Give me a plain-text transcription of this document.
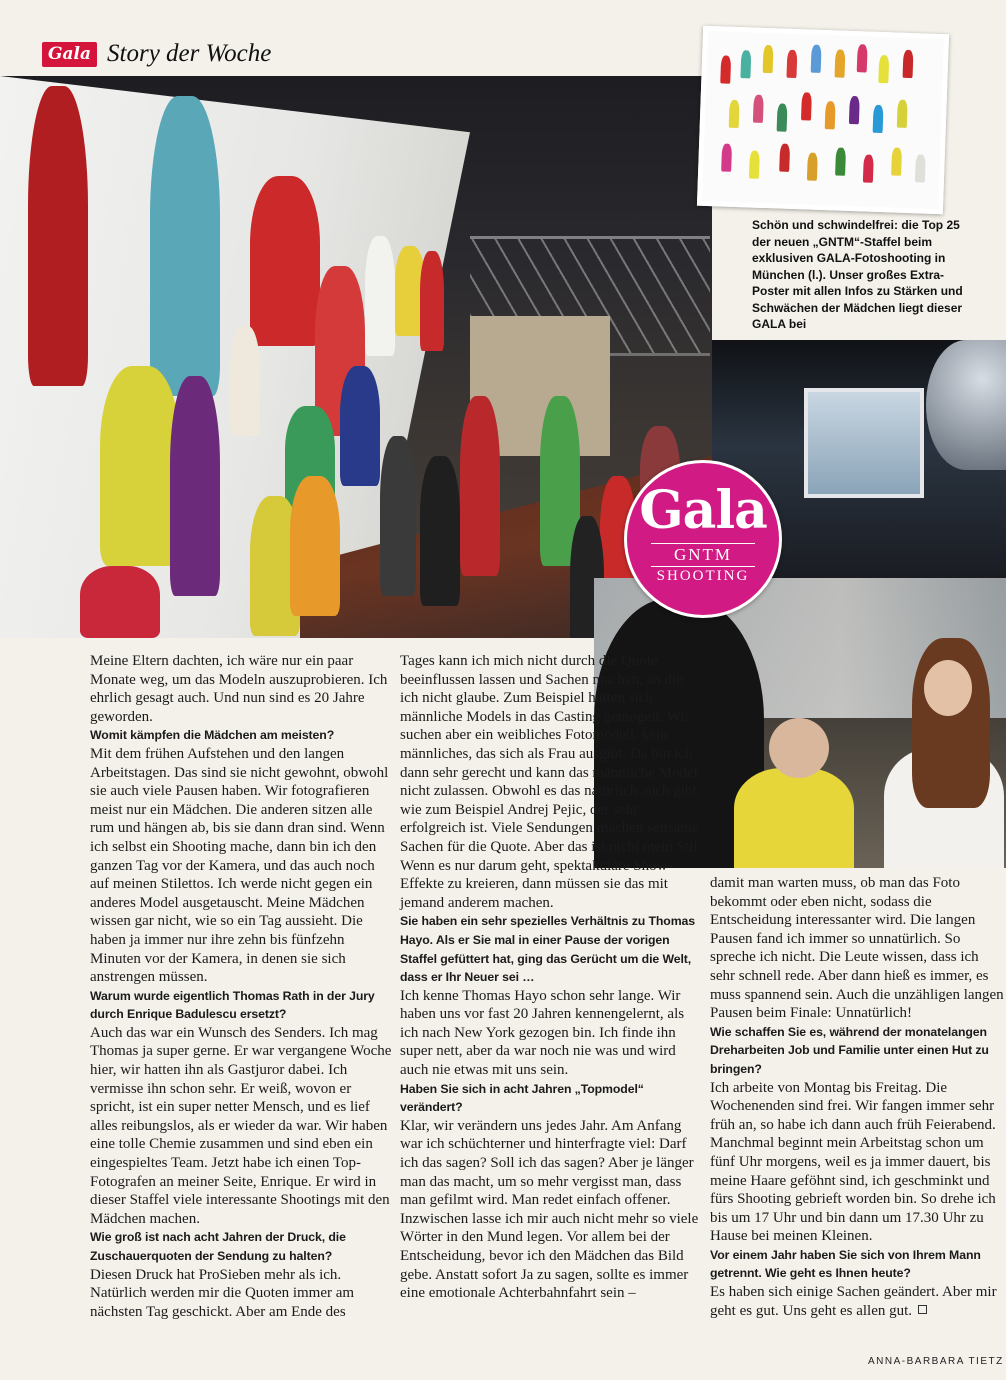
Gala Story der Woche
Schön und schwindelfrei: die Top 25 der neuen „GNTM“-Staffel beim exklusiven GALA-Fotoshooting in München (l.). Unser großes Extra-Poster mit allen Infos zu Stärken und Schwächen der Mädchen liegt dieser GALA bei
Gala
GNTM
SHOOTING

Meine Eltern dachten, ich wäre nur ein paar Monate weg, um das Modeln auszuprobieren. Ich ehrlich gesagt auch. Und nun sind es 20 Jahre geworden.

Womit kämpfen die Mädchen am meisten?

Mit dem frühen Aufstehen und den langen Arbeitstagen. Das sind sie nicht gewohnt, obwohl sie auch viele Pausen haben. Wir fotografieren meist nur ein Mädchen. Die anderen sitzen alle rum und hängen ab, bis sie dann dran sind. Wenn ich selbst ein Shooting mache, dann bin ich den ganzen Tag vor der Kamera, und das auch noch auf meinen Stilettos. Ich werde nicht gegen ein anderes Model ausgetauscht. Meine Mädchen wissen gar nicht, wie so ein Tag aussieht. Die haben ja immer nur ihre zehn bis fünfzehn Minuten vor der Kamera, in denen sie sich anstrengen müssen.

Warum wurde eigentlich Thomas Rath in der Jury durch Enrique Badulescu ersetzt?

Auch das war ein Wunsch des Senders. Ich mag Thomas ja super gerne. Er war vergangene Woche hier, wir hatten ihn als Gastjuror dabei. Ich vermisse ihn schon sehr. Er weiß, wovon er spricht, ist ein super netter Mensch, und es lief alles reibungslos, als er wieder da war. Wir haben eine tolle Chemie zusammen und sind eben ein eingespieltes Team. Jetzt habe ich einen Top-Fotografen an meiner Seite, Enrique. Er wird in dieser Staffel viele interessante Shootings mit den Mädchen machen.

Wie groß ist nach acht Jahren der Druck, die Zuschauerquoten der Sendung zu halten?

Diesen Druck hat ProSieben mehr als ich. Natürlich werden mir die Quoten immer am nächsten Tag geschickt. Aber am Ende des

Tages kann ich mich nicht durch die Quote beeinflussen lassen und Sachen machen, an die ich nicht glaube. Zum Beispiel hatten sich männliche Models in das Casting gemogelt. Wir suchen aber ein weibliches Fotomodell, kein männliches, das sich als Frau ausgibt. Da bin ich dann sehr gerecht und kann das männliche Model nicht zulassen. Obwohl es das natürlich auch gibt, wie zum Beispiel Andrej Pejic, der sehr erfolgreich ist. Viele Sendungen machen seltsame Sachen für die Quote. Aber das ist nicht mein Stil. Wenn es nur darum geht, spektakuläre Show-Effekte zu kreieren, dann müssen sie das mit jemand anderem machen.

Sie haben ein sehr spezielles Verhältnis zu Thomas Hayo. Als er Sie mal in einer Pause der vorigen Staffel gefüttert hat, ging das Gerücht um die Welt, dass er Ihr Neuer sei …

Ich kenne Thomas Hayo schon sehr lange. Wir haben uns vor fast 20 Jahren kennengelernt, als ich nach New York gezogen bin. Ich finde ihn super nett, aber da war noch nie was und wird auch nie etwas mit uns sein.

Haben Sie sich in acht Jahren „Topmodel“ verändert?

Klar, wir verändern uns jedes Jahr. Am Anfang war ich schüchterner und hinterfragte viel: Darf ich das sagen? Soll ich das sagen? Aber je länger man das macht, um so mehr vergisst man, dass man gefilmt wird. Man redet einfach offener. Inzwischen lasse ich mir auch nicht mehr so viele Wörter in den Mund legen. Vor allem bei der Entscheidung, bevor ich den Mädchen das Bild gebe. Anstatt sofort Ja zu sagen, sollte es immer eine emotionale Achterbahnfahrt sein –

damit man warten muss, ob man das Foto bekommt oder eben nicht, sodass die Entscheidung interessanter wird. Die langen Pausen fand ich immer so unnatürlich. So spreche ich nicht. Die Leute wissen, dass ich sehr schnell rede. Aber dann hieß es immer, es muss spannend sein. Auch die unzähligen langen Pausen beim Finale: Unnatürlich!

Wie schaffen Sie es, während der monatelangen Dreharbeiten Job und Familie unter einen Hut zu bringen?

Ich arbeite von Montag bis Freitag. Die Wochenenden sind frei. Wir fangen immer sehr früh an, so habe ich dann auch früh Feierabend. Manchmal beginnt mein Arbeitstag schon um fünf Uhr morgens, weil es ja immer dauert, bis meine Haare geföhnt sind, ich geschminkt und fürs Shooting gebrieft worden bin. So drehe ich bis um 17 Uhr und bin dann um 17.30 Uhr zu Hause bei meinen Kleinen.

Vor einem Jahr haben Sie sich von Ihrem Mann getrennt. Wie geht es Ihnen heute?

Es haben sich einige Sachen geändert. Aber mir geht es gut. Uns geht es allen gut.

ANNA-BARBARA TIETZ
